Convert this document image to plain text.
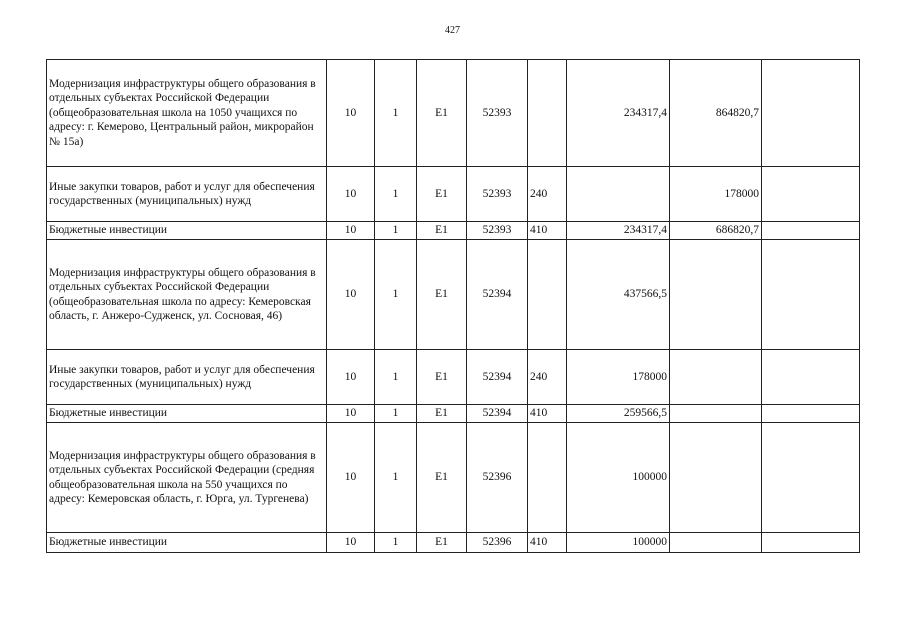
427
Модернизация инфраструктуры общего образования в отдельных субъектах Российской Федерации (общеобразовательная школа на 1050 учащихся по адресу: г. Кемерово, Центральный район, микрорайон № 15а)	10	1	Е1	52393		234317,4	864820,7	
Иные закупки товаров, работ и услуг для обеспечения государственных (муниципальных) нужд	10	1	Е1	52393	240		178000	
Бюджетные инвестиции	10	1	Е1	52393	410	234317,4	686820,7	
Модернизация инфраструктуры общего образования в отдельных субъектах Российской Федерации (общеобразовательная школа по адресу: Кемеровская область, г. Анжеро-Судженск, ул. Сосновая, 46)	10	1	Е1	52394		437566,5		
Иные закупки товаров, работ и услуг для обеспечения государственных (муниципальных) нужд	10	1	Е1	52394	240	178000		
Бюджетные инвестиции	10	1	Е1	52394	410	259566,5		
Модернизация инфраструктуры общего образования в отдельных субъектах Российской Федерации (средняя общеобразовательная школа на 550 учащихся по адресу: Кемеровская область, г. Юрга, ул. Тургенева)	10	1	Е1	52396		100000		
Бюджетные инвестиции	10	1	Е1	52396	410	100000		
